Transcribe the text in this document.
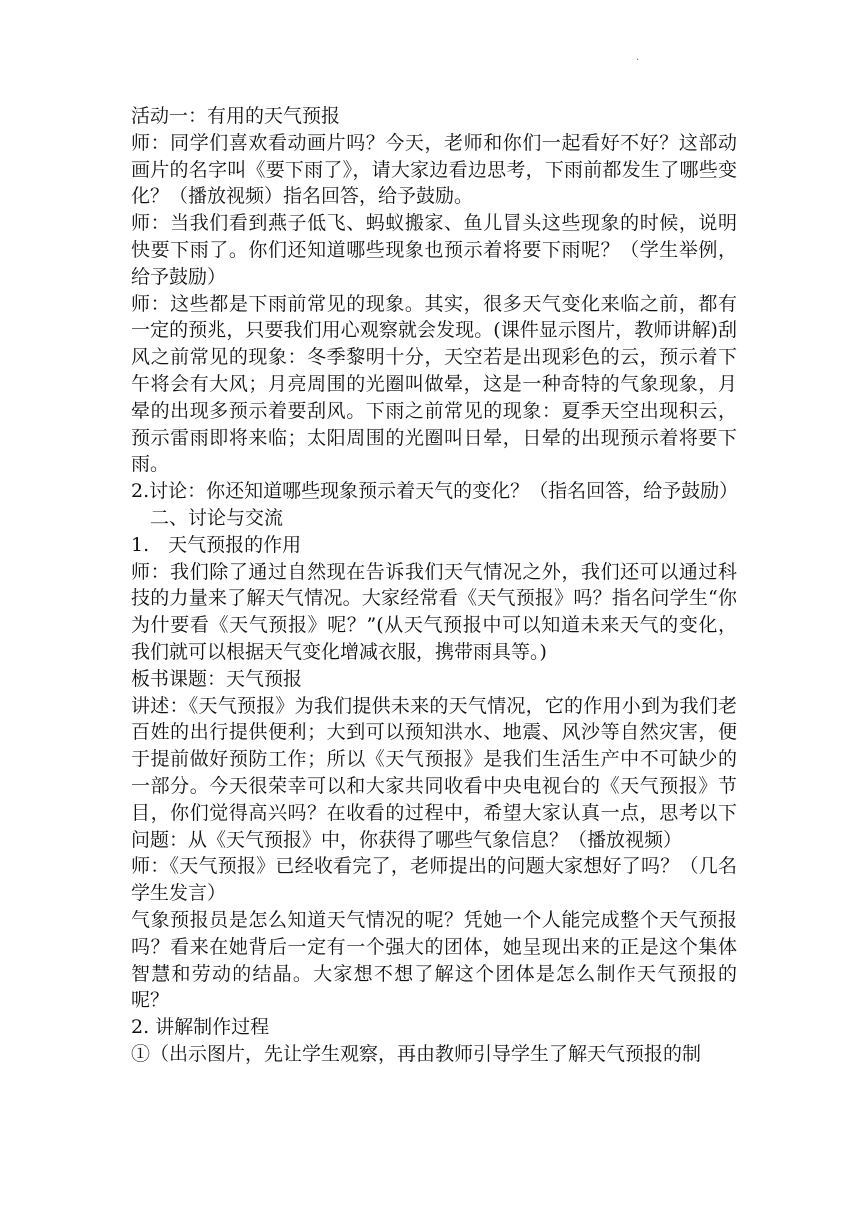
.

活动一：有用的天气预报

师：同学们喜欢看动画片吗？今天，老师和你们一起看好不好？这部动画片的名字叫《要下雨了》，请大家边看边思考，下雨前都发生了哪些变化？（播放视频）指名回答，给予鼓励。

师：当我们看到燕子低飞、蚂蚁搬家、鱼儿冒头这些现象的时候，说明快要下雨了。你们还知道哪些现象也预示着将要下雨呢？（学生举例，给予鼓励）

师：这些都是下雨前常见的现象。其实，很多天气变化来临之前，都有一定的预兆，只要我们用心观察就会发现。(课件显示图片，教师讲解)刮风之前常见的现象：冬季黎明十分，天空若是出现彩色的云，预示着下午将会有大风；月亮周围的光圈叫做晕，这是一种奇特的气象现象，月晕的出现多预示着要刮风。下雨之前常见的现象：夏季天空出现积云，预示雷雨即将来临；太阳周围的光圈叫日晕，日晕的出现预示着将要下雨。

2.讨论：你还知道哪些现象预示着天气的变化？（指名回答，给予鼓励）

二、讨论与交流

1.　天气预报的作用

师：我们除了通过自然现在告诉我们天气情况之外，我们还可以通过科技的力量来了解天气情况。大家经常看《天气预报》吗？指名问学生“你为什要看《天气预报》呢？”(从天气预报中可以知道未来天气的变化，我们就可以根据天气变化增减衣服，携带雨具等。)

板书课题：天气预报

讲述：《天气预报》为我们提供未来的天气情况，它的作用小到为我们老百姓的出行提供便利；大到可以预知洪水、地震、风沙等自然灾害，便于提前做好预防工作；所以《天气预报》是我们生活生产中不可缺少的一部分。今天很荣幸可以和大家共同收看中央电视台的《天气预报》节目，你们觉得高兴吗？在收看的过程中，希望大家认真一点，思考以下问题：从《天气预报》中，你获得了哪些气象信息？（播放视频）

师：《天气预报》已经收看完了，老师提出的问题大家想好了吗？（几名学生发言）

气象预报员是怎么知道天气情况的呢？凭她一个人能完成整个天气预报吗？看来在她背后一定有一个强大的团体，她呈现出来的正是这个集体智慧和劳动的结晶。大家想不想了解这个团体是怎么制作天气预报的呢？

2. 讲解制作过程

①（出示图片，先让学生观察，再由教师引导学生了解天气预报的制
